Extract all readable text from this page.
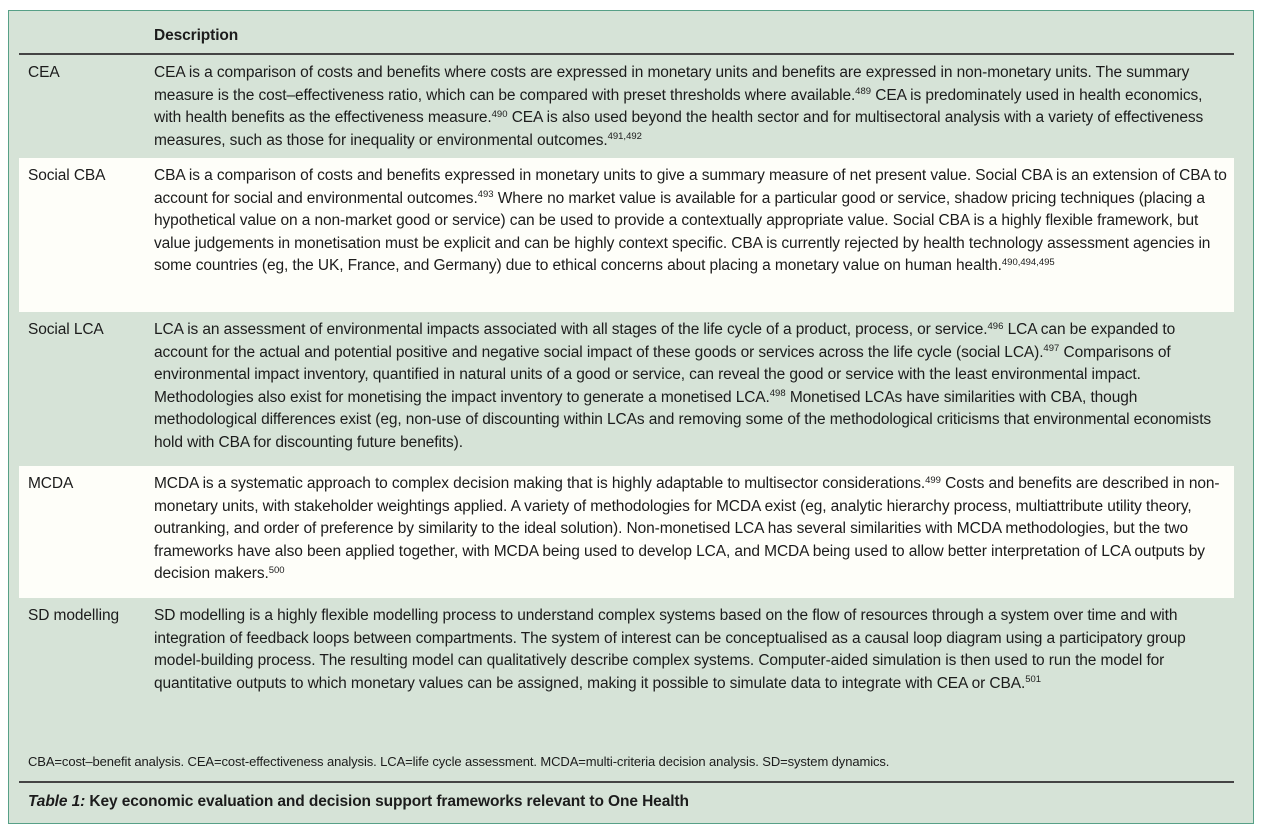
Description
CEA	CEA is a comparison of costs and benefits where costs are expressed in monetary units and benefits are expressed in non-monetary units. The summary measure is the cost–effectiveness ratio, which can be compared with preset thresholds where available.$^{489}$ CEA is predominately used in health economics, with health benefits as the effectiveness measure.$^{490}$ CEA is also used beyond the health sector and for multisectoral analysis with a variety of effectiveness measures, such as those for inequality or environmental outcomes.$^{491,492}$
Social CBA	CBA is a comparison of costs and benefits expressed in monetary units to give a summary measure of net present value. Social CBA is an extension of CBA to account for social and environmental outcomes.$^{493}$ Where no market value is available for a particular good or service, shadow pricing techniques (placing a hypothetical value on a non-market good or service) can be used to provide a contextually appropriate value. Social CBA is a highly flexible framework, but value judgements in monetisation must be explicit and can be highly context specific. CBA is currently rejected by health technology assessment agencies in some countries (eg, the UK, France, and Germany) due to ethical concerns about placing a monetary value on human health.$^{490,494,495}$
Social LCA	LCA is an assessment of environmental impacts associated with all stages of the life cycle of a product, process, or service.$^{496}$ LCA can be expanded to account for the actual and potential positive and negative social impact of these goods or services across the life cycle (social LCA).$^{497}$ Comparisons of environmental impact inventory, quantified in natural units of a good or service, can reveal the good or service with the least environmental impact. Methodologies also exist for monetising the impact inventory to generate a monetised LCA.$^{498}$ Monetised LCAs have similarities with CBA, though methodological differences exist (eg, non-use of discounting within LCAs and removing some of the methodological criticisms that environmental economists hold with CBA for discounting future benefits).
MCDA	MCDA is a systematic approach to complex decision making that is highly adaptable to multisector considerations.$^{499}$ Costs and benefits are described in non-monetary units, with stakeholder weightings applied. A variety of methodologies for MCDA exist (eg, analytic hierarchy process, multiattribute utility theory, outranking, and order of preference by similarity to the ideal solution). Non-monetised LCA has several similarities with MCDA methodologies, but the two frameworks have also been applied together, with MCDA being used to develop LCA, and MCDA being used to allow better interpretation of LCA outputs by decision makers.$^{500}$
SD modelling	SD modelling is a highly flexible modelling process to understand complex systems based on the flow of resources through a system over time and with integration of feedback loops between compartments. The system of interest can be conceptualised as a causal loop diagram using a participatory group model-building process. The resulting model can qualitatively describe complex systems. Computer-aided simulation is then used to run the model for quantitative outputs to which monetary values can be assigned, making it possible to simulate data to integrate with CEA or CBA.$^{501}$
CBA=cost–benefit analysis. CEA=cost-effectiveness analysis. LCA=life cycle assessment. MCDA=multi-criteria decision analysis. SD=system dynamics.
Table 1: Key economic evaluation and decision support frameworks relevant to One Health
